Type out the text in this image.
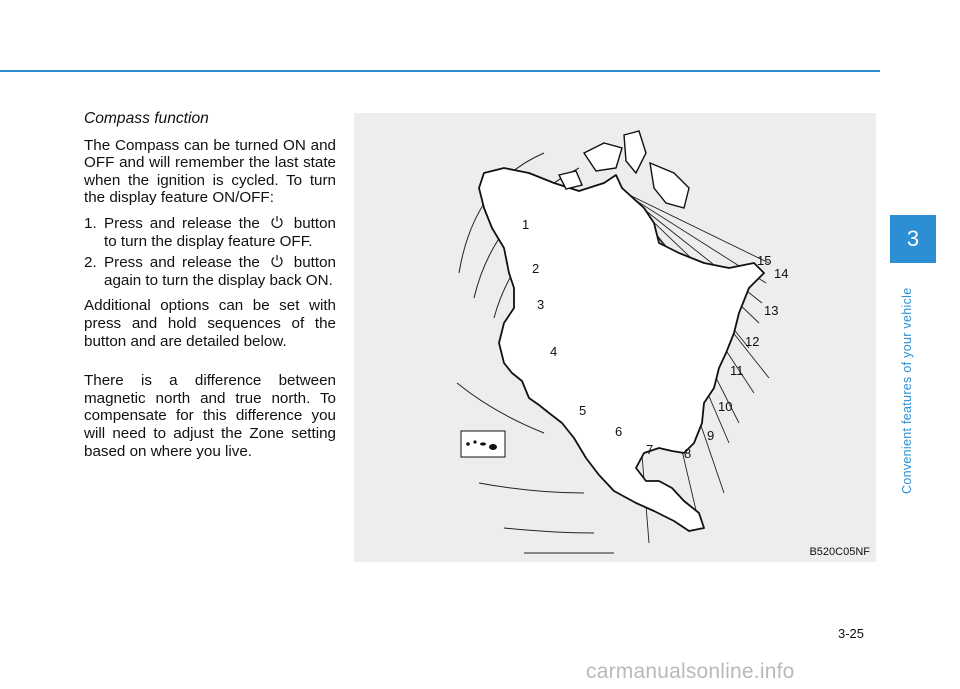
Compass function

The Compass can be turned ON and OFF and will remember the last state when the ignition is cycled. To turn the display feature ON/OFF:

1. Press and release the button to turn the display feature OFF.
2. Press and release the button again to turn the display back ON.

Additional options can be set with press and hold sequences of the button and are detailed below.

There is a difference between magnetic north and true north. To compensate for this difference you will need to adjust the Zone setting based on where you live.

1
2
3
4
5
6
7 8
9
10
11
12
13
14
15
B520C05NF
3
Convenient features of your vehicle
3-25
carmanualsonline.info
